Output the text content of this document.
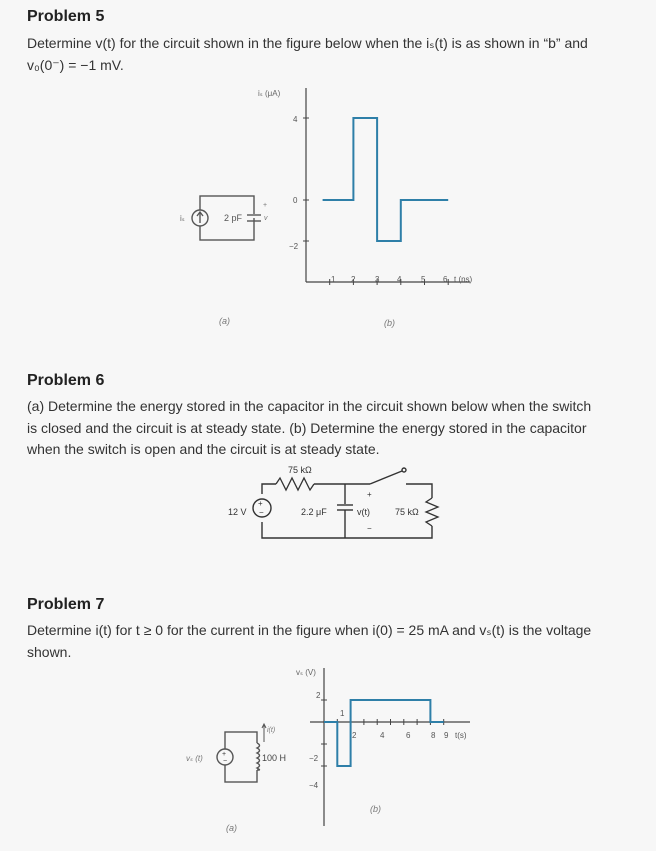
Problem 5
Determine v(t) for the circuit shown in the figure below when the iₛ(t) is as shown in “b” and
v₀(0⁻) = −1 mV.
iₛ	2 pF
+
v
(a)
iₛ (μA)
4
0
−2
1 2 3 4 5 6 t (ns)
(b)
+
−
75 kΩ
12 V	2.2 μF
+
v(t)
−
75 kΩ
+
−
vₛ (t)
i(t)
100 H
(a)
vₛ (V)
2
−2
−4
1
2	4	6	8 9 t(s)
(b)
Problem 6
(a) Determine the energy stored in the capacitor in the circuit shown below when the switch
is closed and the circuit is at steady state. (b) Determine the energy stored in the capacitor
when the switch is open and the circuit is at steady state.
Problem 7
Determine i(t) for t ≥ 0 for the current in the figure when i(0) = 25 mA and vₛ(t) is the voltage
shown.
